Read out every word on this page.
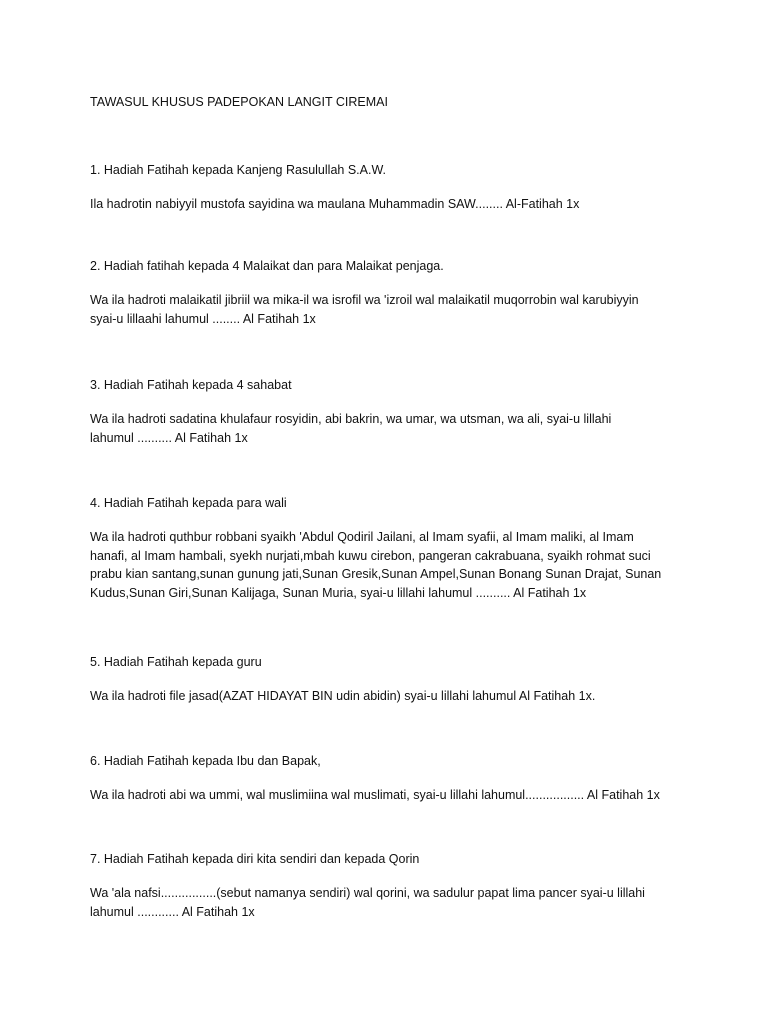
TAWASUL KHUSUS PADEPOKAN LANGIT CIREMAI
1. Hadiah Fatihah kepada Kanjeng Rasulullah S.A.W.
Ila hadrotin nabiyyil mustofa sayidina wa maulana Muhammadin SAW........ Al-Fatihah 1x
2. Hadiah fatihah kepada 4 Malaikat dan para Malaikat penjaga.
Wa ila hadroti malaikatil jibriil wa mika-il wa isrofil wa 'izroil wal malaikatil muqorrobin wal karubiyyin
syai-u lillaahi lahumul ........ Al Fatihah 1x
3. Hadiah Fatihah kepada 4 sahabat
Wa ila hadroti sadatina khulafaur rosyidin, abi bakrin, wa umar, wa utsman, wa ali, syai-u lillahi
lahumul .......... Al Fatihah 1x
4. Hadiah Fatihah kepada para wali
Wa ila hadroti quthbur robbani syaikh 'Abdul Qodiril Jailani, al Imam syafii, al Imam maliki, al Imam
hanafi, al Imam hambali, syekh nurjati,mbah kuwu cirebon, pangeran cakrabuana, syaikh rohmat suci
prabu kian santang,sunan gunung jati,Sunan Gresik,Sunan Ampel,Sunan Bonang Sunan Drajat, Sunan
Kudus,Sunan Giri,Sunan Kalijaga, Sunan Muria, syai-u lillahi lahumul .......... Al Fatihah 1x
5. Hadiah Fatihah kepada guru
Wa ila hadroti file jasad(AZAT HIDAYAT BIN udin abidin) syai-u lillahi lahumul Al Fatihah 1x.
6. Hadiah Fatihah kepada Ibu dan Bapak,
Wa ila hadroti abi wa ummi, wal muslimiina wal muslimati, syai-u lillahi lahumul................. Al Fatihah 1x
7. Hadiah Fatihah kepada diri kita sendiri dan kepada Qorin
Wa 'ala nafsi................(sebut namanya sendiri) wal qorini, wa sadulur papat lima pancer syai-u lillahi
lahumul ............ Al Fatihah 1x
